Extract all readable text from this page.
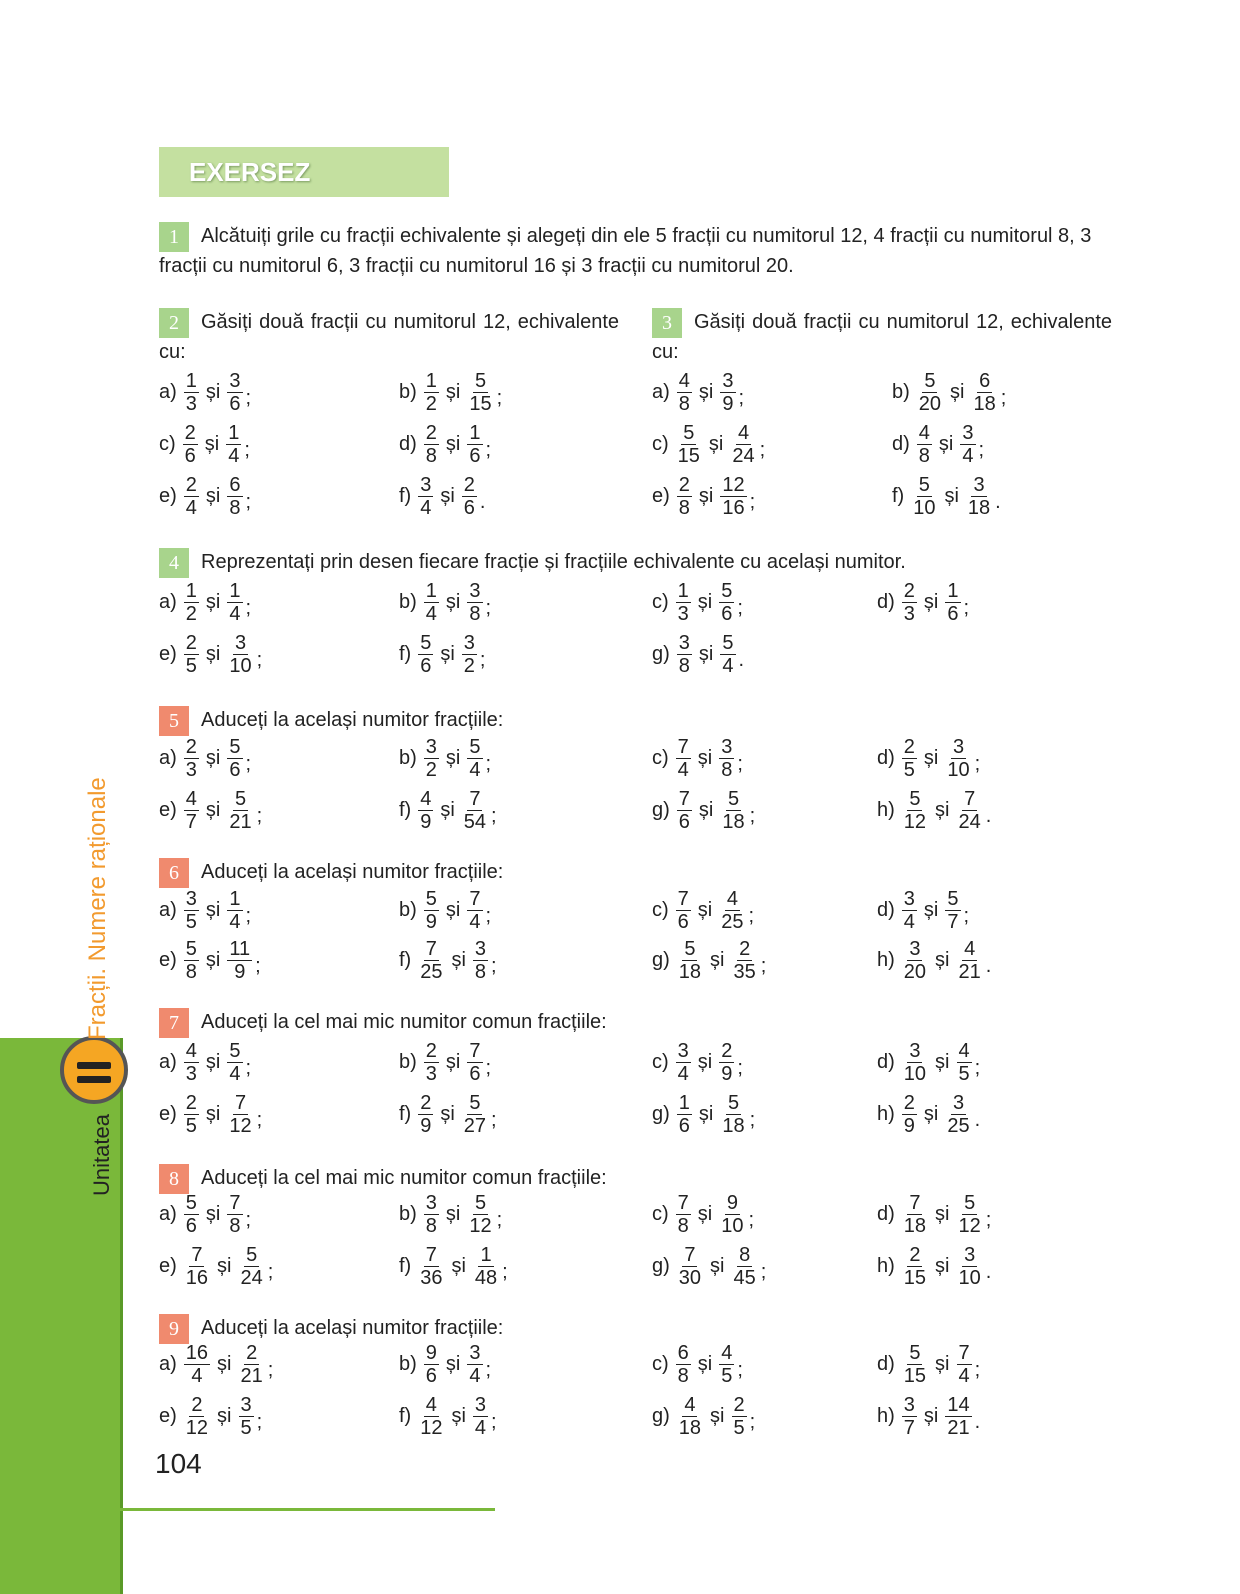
Fracții. Numere raționale
Unitatea
EXERSEZ
1 Alcătuiți grile cu fracții echivalente și alegeți din ele 5 fracții cu numitorul 12, 4 fracții cu numitorul 8, 3 fracții cu numitorul 6, 3 fracții cu numitorul 16 și 3 fracții cu numitorul 20.
2 Găsiți două fracții cu numitorul 12, echivalente cu:
$a) \frac{1}{3}$ și $\frac{3}{6}$ ;	$b) \frac{1}{2}$ și $\frac{5}{15}$ ;
$c) \frac{2}{6}$ și $\frac{1}{4}$ ;	$d) \frac{2}{8}$ și $\frac{1}{6}$ ;
$e) \frac{2}{4}$ și $\frac{6}{8}$ ;	$f) \frac{3}{4}$ și $\frac{2}{6}$ .
3 Găsiți două fracții cu numitorul 12, echivalente cu:
$a) \frac{4}{8}$ și $\frac{3}{9}$ ;	$b) \frac{5}{20}$ și $\frac{6}{18}$ ;
$c) \frac{5}{15}$ și $\frac{4}{24}$ ;	$d) \frac{4}{8}$ și $\frac{3}{4}$ ;
$e) \frac{2}{8}$ și $\frac{12}{16}$ ;	$f) \frac{5}{10}$ și $\frac{3}{18}$ .
4 Reprezentați prin desen fiecare fracție și fracțiile echivalente cu același numitor.
$a) \frac{1}{2}$ și $\frac{1}{4}$ ;	$b) \frac{1}{4}$ și $\frac{3}{8}$ ;	$c) \frac{1}{3}$ și $\frac{5}{6}$ ;	$d) \frac{2}{3}$ și $\frac{1}{6}$ ;
$e) \frac{2}{5}$ și $\frac{3}{10}$ ;	$f) \frac{5}{6}$ și $\frac{3}{2}$ ;	$g) \frac{3}{8}$ și $\frac{5}{4}$ .
5 Aduceți la același numitor fracțiile:
$a) \frac{2}{3}$ și $\frac{5}{6}$ ;	$b) \frac{3}{2}$ și $\frac{5}{4}$ ;	$c) \frac{7}{4}$ și $\frac{3}{8}$ ;	$d) \frac{2}{5}$ și $\frac{3}{10}$ ;
$e) \frac{4}{7}$ și $\frac{5}{21}$ ;	$f) \frac{4}{9}$ și $\frac{7}{54}$ ;	$g) \frac{7}{6}$ și $\frac{5}{18}$ ;	$h) \frac{5}{12}$ și $\frac{7}{24}$ .
6 Aduceți la același numitor fracțiile:
$a) \frac{3}{5}$ și $\frac{1}{4}$ ;	$b) \frac{5}{9}$ și $\frac{7}{4}$ ;	$c) \frac{7}{6}$ și $\frac{4}{25}$ ;	$d) \frac{3}{4}$ și $\frac{5}{7}$ ;
$e) \frac{5}{8}$ și $\frac{11}{9}$ ;	$f) \frac{7}{25}$ și $\frac{3}{8}$ ;	$g) \frac{5}{18}$ și $\frac{2}{35}$ ;	$h) \frac{3}{20}$ și $\frac{4}{21}$ .
7 Aduceți la cel mai mic numitor comun fracțiile:
$a) \frac{4}{3}$ și $\frac{5}{4}$ ;	$b) \frac{2}{3}$ și $\frac{7}{6}$ ;	$c) \frac{3}{4}$ și $\frac{2}{9}$ ;	$d) \frac{3}{10}$ și $\frac{4}{5}$ ;
$e) \frac{2}{5}$ și $\frac{7}{12}$ ;	$f) \frac{2}{9}$ și $\frac{5}{27}$ ;	$g) \frac{1}{6}$ și $\frac{5}{18}$ ;	$h) \frac{2}{9}$ și $\frac{3}{25}$ .
8 Aduceți la cel mai mic numitor comun fracțiile:
$a) \frac{5}{6}$ și $\frac{7}{8}$ ;	$b) \frac{3}{8}$ și $\frac{5}{12}$ ;	$c) \frac{7}{8}$ și $\frac{9}{10}$ ;	$d) \frac{7}{18}$ și $\frac{5}{12}$ ;
$e) \frac{7}{16}$ și $\frac{5}{24}$ ;	$f) \frac{7}{36}$ și $\frac{1}{48}$ ;	$g) \frac{7}{30}$ și $\frac{8}{45}$ ;	$h) \frac{2}{15}$ și $\frac{3}{10}$ .
9 Aduceți la același numitor fracțiile:
$a) \frac{16}{4}$ și $\frac{2}{21}$ ;	$b) \frac{9}{6}$ și $\frac{3}{4}$ ;	$c) \frac{6}{8}$ și $\frac{4}{5}$ ;	$d) \frac{5}{15}$ și $\frac{7}{4}$ ;
$e) \frac{2}{12}$ și $\frac{3}{5}$ ;	$f) \frac{4}{12}$ și $\frac{3}{4}$ ;	$g) \frac{4}{18}$ și $\frac{2}{5}$ ;	$h) \frac{3}{7}$ și $\frac{14}{21}$ .
104
